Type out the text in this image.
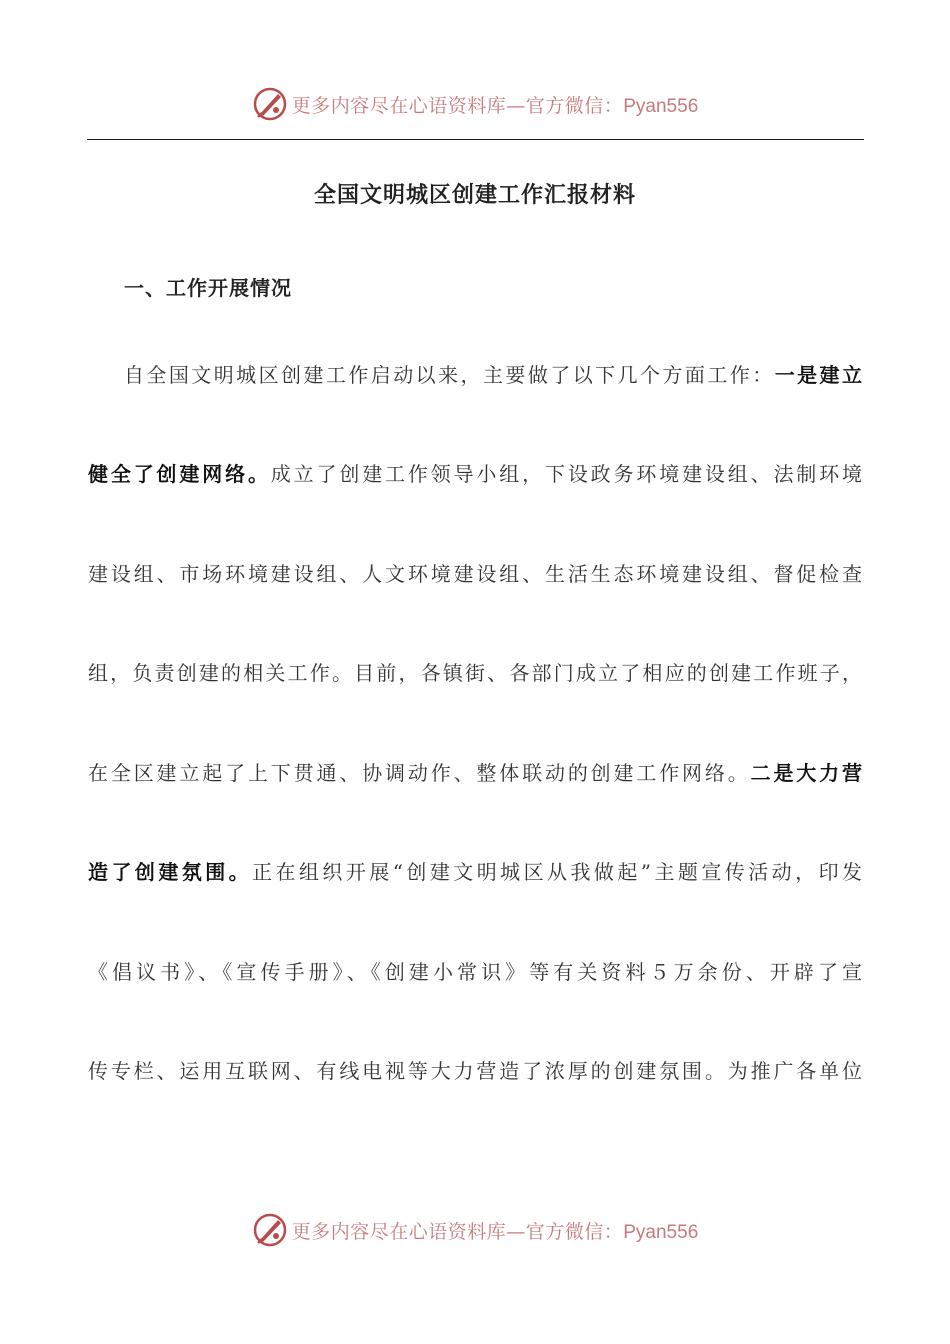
更多内容尽在心语资料库—官方微信：Pyan556
全国文明城区创建工作汇报材料
一、工作开展情况
自全国文明城区创建工作启动以来，主要做了以下几个方面工作：一是建立
健全了创建网络。成立了创建工作领导小组，下设政务环境建设组、法制环境
建设组、市场环境建设组、人文环境建设组、生活生态环境建设组、督促检查
组，负责创建的相关工作。目前，各镇街、各部门成立了相应的创建工作班子，
在全区建立起了上下贯通、协调动作、整体联动的创建工作网络。二是大力营
造了创建氛围。正在组织开展“创建文明城区从我做起”主题宣传活动，印发
《倡议书》、《宣传手册》、《创建小常识》等有关资料５万余份、开辟了宣
传专栏、运用互联网、有线电视等大力营造了浓厚的创建氛围。为推广各单位
更多内容尽在心语资料库—官方微信：Pyan556
